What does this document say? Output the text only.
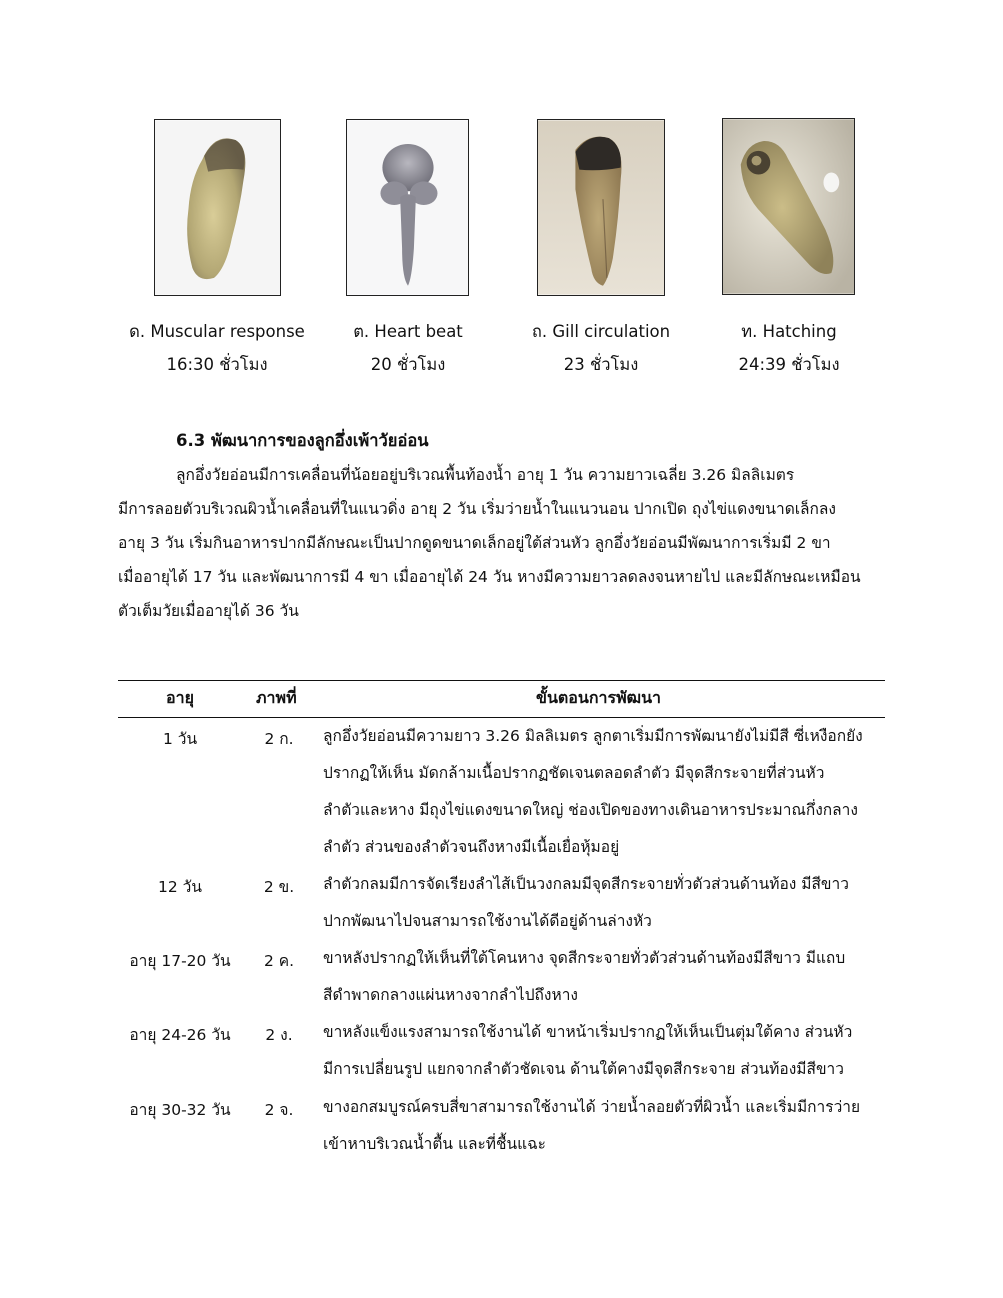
ด. Muscular response
16:30 ชั่วโมง
ต. Heart beat
20 ชั่วโมง
ถ. Gill circulation
23 ชั่วโมง
ท. Hatching
24:39 ชั่วโมง
6.3 พัฒนาการของลูกอึ่งเพ้าวัยอ่อน
ลูกอึ่งวัยอ่อนมีการเคลื่อนที่น้อยอยู่บริเวณพื้นท้องน้ำ อายุ 1 วัน ความยาวเฉลี่ย 3.26 มิลลิเมตร
มีการลอยตัวบริเวณผิวน้ำเคลื่อนที่ในแนวดิ่ง อายุ 2 วัน เริ่มว่ายน้ำในแนวนอน ปากเปิด ถุงไข่แดงขนาดเล็กลง
อายุ 3 วัน เริ่มกินอาหารปากมีลักษณะเป็นปากดูดขนาดเล็กอยู่ใต้ส่วนหัว ลูกอึ่งวัยอ่อนมีพัฒนาการเริ่มมี 2 ขา
เมื่ออายุได้ 17 วัน และพัฒนาการมี 4 ขา เมื่ออายุได้ 24 วัน หางมีความยาวลดลงจนหายไป และมีลักษณะเหมือน
ตัวเต็มวัยเมื่ออายุได้ 36 วัน
อายุ	ภาพที่	ขั้นตอนการพัฒนา
1 วัน	2 ก.	ลูกอึ่งวัยอ่อนมีความยาว 3.26 มิลลิเมตร ลูกตาเริ่มมีการพัฒนายังไม่มีสี ซี่เหงือกยัง
ปรากฏให้เห็น มัดกล้ามเนื้อปรากฏชัดเจนตลอดลำตัว มีจุดสีกระจายที่ส่วนหัว
ลำตัวและหาง มีถุงไข่แดงขนาดใหญ่ ช่องเปิดของทางเดินอาหารประมาณกึ่งกลาง
ลำตัว ส่วนของลำตัวจนถึงหางมีเนื้อเยื่อหุ้มอยู่
12 วัน	2 ข.	ลำตัวกลมมีการจัดเรียงลำไส้เป็นวงกลมมีจุดสีกระจายทั่วตัวส่วนด้านท้อง มีสีขาว
ปากพัฒนาไปจนสามารถใช้งานได้ดีอยู่ด้านล่างหัว
อายุ 17-20 วัน	2 ค.	ขาหลังปรากฏให้เห็นที่ใต้โคนหาง จุดสีกระจายทั่วตัวส่วนด้านท้องมีสีขาว มีแถบ
สีดำพาดกลางแผ่นหางจากลำไปถึงหาง
อายุ 24-26 วัน	2 ง.	ขาหลังแข็งแรงสามารถใช้งานได้ ขาหน้าเริ่มปรากฏให้เห็นเป็นตุ่มใต้คาง ส่วนหัว
มีการเปลี่ยนรูป แยกจากลำตัวชัดเจน ด้านใต้คางมีจุดสีกระจาย ส่วนท้องมีสีขาว
อายุ 30-32 วัน	2 จ.	ขางอกสมบูรณ์ครบสี่ขาสามารถใช้งานได้ ว่ายน้ำลอยตัวที่ผิวน้ำ และเริ่มมีการว่าย
เข้าหาบริเวณน้ำตื้น และที่ชื้นแฉะ
